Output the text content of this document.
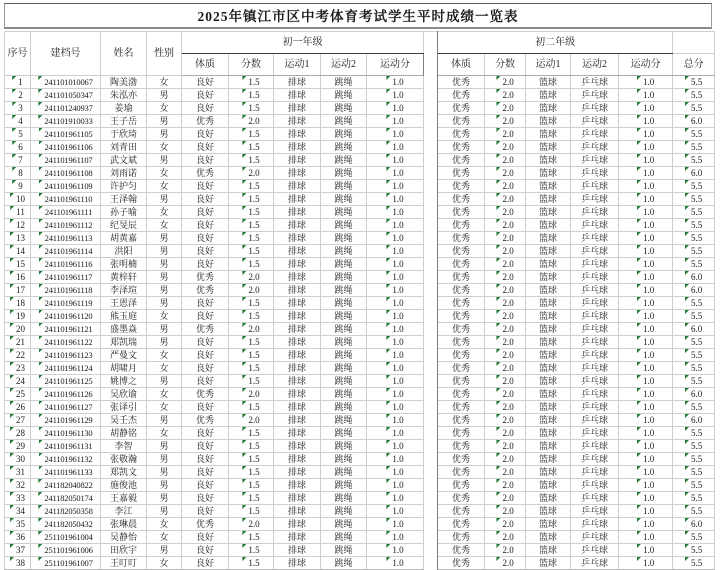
2025年镇江市区中考体育考试学生平时成绩一览表
序号	建档号	姓名	性别	初一年级						初二年级					
				体质	分数	运动1	运动2	运动分		体质	分数	运动1	运动2	运动分	总分
1	241101010067	陶美渤	女	良好	1.5	排球	跳绳	1.0		优秀	2.0	篮球	乒乓球	1.0	5.5
2	241101050347	朱泓亦	男	良好	1.5	排球	跳绳	1.0		优秀	2.0	篮球	乒乓球	1.0	5.5
3	241101240937	姜瑜	女	良好	1.5	排球	跳绳	1.0		优秀	2.0	篮球	乒乓球	1.0	5.5
4	241101910033	王子岳	男	优秀	2.0	排球	跳绳	1.0		优秀	2.0	篮球	乒乓球	1.0	6.0
5	241101961105	于欣琦	男	良好	1.5	排球	跳绳	1.0		优秀	2.0	篮球	乒乓球	1.0	5.5
6	241101961106	刘青田	女	良好	1.5	排球	跳绳	1.0		优秀	2.0	篮球	乒乓球	1.0	5.5
7	241101961107	武文斌	男	良好	1.5	排球	跳绳	1.0		优秀	2.0	篮球	乒乓球	1.0	5.5
8	241101961108	刘雨诺	女	优秀	2.0	排球	跳绳	1.0		优秀	2.0	篮球	乒乓球	1.0	6.0
9	241101961109	许护匀	女	良好	1.5	排球	跳绳	1.0		优秀	2.0	篮球	乒乓球	1.0	5.5
10	241101961110	王泽翰	男	良好	1.5	排球	跳绳	1.0		优秀	2.0	篮球	乒乓球	1.0	5.5
11	241101961111	孙子喻	女	良好	1.5	排球	跳绳	1.0		优秀	2.0	篮球	乒乓球	1.0	5.5
12	241101961112	纪旻辰	女	良好	1.5	排球	跳绳	1.0		优秀	2.0	篮球	乒乓球	1.0	5.5
13	241101961113	胡黄嘉	男	良好	1.5	排球	跳绳	1.0		优秀	2.0	篮球	乒乓球	1.0	5.5
14	241101961114	洪阳	男	良好	1.5	排球	跳绳	1.0		优秀	2.0	篮球	乒乓球	1.0	5.5
15	241101961116	张明楠	男	良好	1.5	排球	跳绳	1.0		优秀	2.0	篮球	乒乓球	1.0	5.5
16	241101961117	黄梓轩	男	优秀	2.0	排球	跳绳	1.0		优秀	2.0	篮球	乒乓球	1.0	6.0
17	241101961118	李泽瑄	男	优秀	2.0	排球	跳绳	1.0		优秀	2.0	篮球	乒乓球	1.0	6.0
18	241101961119	王恩泽	男	良好	1.5	排球	跳绳	1.0		优秀	2.0	篮球	乒乓球	1.0	5.5
19	241101961120	熊玉庭	女	良好	1.5	排球	跳绳	1.0		优秀	2.0	篮球	乒乓球	1.0	5.5
20	241101961121	盛墨焱	男	优秀	2.0	排球	跳绳	1.0		优秀	2.0	篮球	乒乓球	1.0	6.0
21	241101961122	郑凯瑞	男	良好	1.5	排球	跳绳	1.0		优秀	2.0	篮球	乒乓球	1.0	5.5
22	241101961123	严曼文	女	良好	1.5	排球	跳绳	1.0		优秀	2.0	篮球	乒乓球	1.0	5.5
23	241101961124	胡啸月	女	良好	1.5	排球	跳绳	1.0		优秀	2.0	篮球	乒乓球	1.0	5.5
24	241101961125	姚博之	男	良好	1.5	排球	跳绳	1.0		优秀	2.0	篮球	乒乓球	1.0	5.5
25	241101961126	吴欣谕	女	优秀	2.0	排球	跳绳	1.0		优秀	2.0	篮球	乒乓球	1.0	6.0
26	241101961127	张译引	女	良好	1.5	排球	跳绳	1.0		优秀	2.0	篮球	乒乓球	1.0	5.5
27	241101961129	吴壬杰	男	优秀	2.0	排球	跳绳	1.0		优秀	2.0	篮球	乒乓球	1.0	6.0
28	241101961130	胡静铭	女	良好	1.5	排球	跳绳	1.0		优秀	2.0	篮球	乒乓球	1.0	5.5
29	241101961131	李智	男	良好	1.5	排球	跳绳	1.0		优秀	2.0	篮球	乒乓球	1.0	5.5
30	241101961132	张敬瀚	男	良好	1.5	排球	跳绳	1.0		优秀	2.0	篮球	乒乓球	1.0	5.5
31	241101961133	郑凯文	男	良好	1.5	排球	跳绳	1.0		优秀	2.0	篮球	乒乓球	1.0	5.5
32	241182040822	施俊池	男	良好	1.5	排球	跳绳	1.0		优秀	2.0	篮球	乒乓球	1.0	5.5
33	241182050174	王嘉毅	男	良好	1.5	排球	跳绳	1.0		优秀	2.0	篮球	乒乓球	1.0	5.5
34	241182050358	李江	男	良好	1.5	排球	跳绳	1.0		优秀	2.0	篮球	乒乓球	1.0	5.5
35	241182050432	张琳晨	女	优秀	2.0	排球	跳绳	1.0		优秀	2.0	篮球	乒乓球	1.0	6.0
36	251101961004	吴静怡	女	良好	1.5	排球	跳绳	1.0		优秀	2.0	篮球	乒乓球	1.0	5.5
37	251101961006	田欣宇	男	良好	1.5	排球	跳绳	1.0		优秀	2.0	篮球	乒乓球	1.0	5.5
38	251101961007	王叮叮	女	良好	1.5	排球	跳绳	1.0		优秀	2.0	篮球	乒乓球	1.0	5.5
